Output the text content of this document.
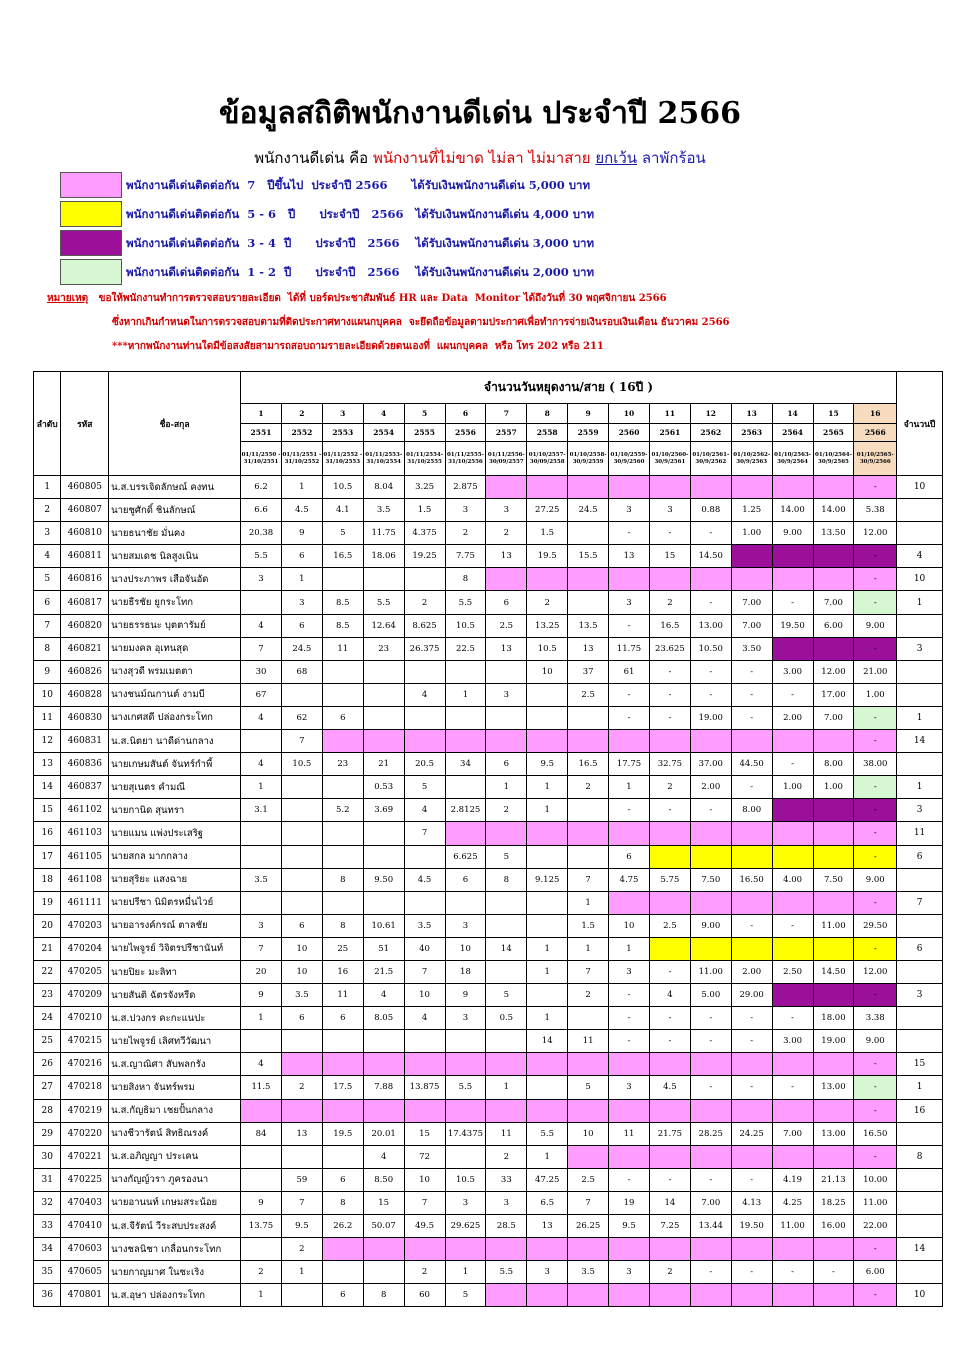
ข้อมูลสถิติพนักงานดีเด่น ประจำปี 2566
พนักงานดีเด่น คือ พนักงานที่ไม่ขาด ไม่ลา ไม่มาสาย ยกเว้น ลาพักร้อน
พนักงานดีเด่นติดต่อกัน  7   ปีขึ้นไป  ประจำปี 2566      ได้รับเงินพนักงานดีเด่น 5,000 บาท
พนักงานดีเด่นติดต่อกัน  5 - 6   ปี      ประจำปี   2566   ได้รับเงินพนักงานดีเด่น 4,000 บาท
พนักงานดีเด่นติดต่อกัน  3 - 4  ปี      ประจำปี   2566    ได้รับเงินพนักงานดีเด่น 3,000 บาท
พนักงานดีเด่นติดต่อกัน  1 - 2  ปี      ประจำปี   2566    ได้รับเงินพนักงานดีเด่น 2,000 บาท
หมายเหตุ   ขอให้พนักงานทำการตรวจสอบรายละเอียด  ได้ที่ บอร์ดประชาสัมพันธ์ HR และ Data  Monitor ได้ถึงวันที่ 30 พฤศจิกายน 2566
ซึ่งหากเกินกำหนดในการตรวจสอบตามที่ติดประกาศทางแผนกบุคคล  จะยึดถือข้อมูลตามประกาศเพื่อทำการจ่ายเงินรอบเงินเดือน ธันวาคม 2566
***หากพนักงานท่านใดมีข้อสงสัยสามารถสอบถามรายละเอียดด้วยตนเองที่  แผนกบุคคล  หรือ โทร 202 หรือ 211
ลำดับ	รหัส	ชื่อ-สกุล	จำนวนวันหยุดงาน/สาย ( 16ปี )																จำนวนปี
			1	2	3	4	5	6	7	8	9	10	11	12	13	14	15	16	
			2551	2552	2553	2554	2555	2556	2557	2558	2559	2560	2561	2562	2563	2564	2565	2566	
			01/11/2550 - 31/10/2551	01/11/2551 - 31/10/2552	01/11/2552 - 31/10/2553	01/11/2553- 31/10/2554	01/11/2554- 31/10/2555	01/11/2555- 31/10/2556	01/11/2556- 30/09/2557	01/10/2557- 30/09/2558	01/10/2558- 30/9/2559	01/10/2559- 30/9/2560	01/10/2560- 30/9/2561	01/10/2561- 30/9/2562	01/10/2562- 30/9/2563	01/10/2563- 30/9/2564	01/10/2564- 30/9/2565	01/10/2565- 30/9/2566	
1	460805	น.ส.บรรเจิดลักษณ์ คงทน	6.2	1	10.5	8.04	3.25	2.875										-	10
2	460807	นายชูศักดิ์ ชินลักษณ์	6.6	4.5	4.1	3.5	1.5	3	3	27.25	24.5	3	3	0.88	1.25	14.00	14.00	5.38	
3	460810	นายธนาชัย มั่นคง	20.38	9	5	11.75	4.375	2	2	1.5		-	-	-	1.00	9.00	13.50	12.00	
4	460811	นายสมเดช นิลสูงเนิน	5.5	6	16.5	18.06	19.25	7.75	13	19.5	15.5	13	15	14.50				-	4
5	460816	นางประภาพร เสือจันอัด	3	1				8										-	10
6	460817	นายธีรชัย ยูกระโทก		3	8.5	5.5	2	5.5	6	2		3	2	-	7.00	-	7.00	-	1
7	460820	นายธรรธนะ บุตตารัมย์	4	6	8.5	12.64	8.625	10.5	2.5	13.25	13.5	-	16.5	13.00	7.00	19.50	6.00	9.00	
8	460821	นายมงคล อุเทนสุด	7	24.5	11	23	26.375	22.5	13	10.5	13	11.75	23.625	10.50	3.50			-	3
9	460826	นางสุวดี พรมเมตตา	30	68						10	37	61	-	-	-	3.00	12.00	21.00	
10	460828	นางชนม์ณกานต์ งามบี	67				4	1	3		2.5	-	-	-	-	-	17.00	1.00	
11	460830	นางเกศสดี ปล่องกระโทก	4	62	6							-	-	19.00	-	2.00	7.00	-	1
12	460831	น.ส.นิตยา นาดีด่านกลาง		7														-	14
13	460836	นายเกษมสันต์ จันทร์กำพี้	4	10.5	23	21	20.5	34	6	9.5	16.5	17.75	32.75	37.00	44.50	-	8.00	38.00	
14	460837	นายสุเนตร คำมณี	1			0.53	5		1	1	2	1	2	2.00	-	1.00	1.00	-	1
15	461102	นายกานิด สุนทรา	3.1		5.2	3.69	4	2.8125	2	1		-	-	-	8.00			-	3
16	461103	นายแมน แพ่งประเสริฐ					7											-	11
17	461105	นายสกล มากกลาง						6.625	5			6						-	6
18	461108	นายสุริยะ แสงฉาย	3.5		8	9.50	4.5	6	8	9.125	7	4.75	5.75	7.50	16.50	4.00	7.50	9.00	
19	461111	นายปรีชา นิมิตรหมื่นไวย์									1							-	7
20	470203	นายอารงค์กรณ์ ตาลชัย	3	6	8	10.61	3.5	3			1.5	10	2.5	9.00	-	-	11.00	29.50	
21	470204	นายไพจูรย์ วิจิตรปรีชานันท์	7	10	25	51	40	10	14	1	1	1						-	6
22	470205	นายปิยะ มะลิทา	20	10	16	21.5	7	18		1	7	3	-	11.00	2.00	2.50	14.50	12.00	
23	470209	นายสันติ ฉัตรจังหรีด	9	3.5	11	4	10	9	5		2	-	4	5.00	29.00			-	3
24	470210	น.ส.ปวงกร คะกะแนปะ	1	6	6	8.05	4	3	0.5	1		-	-	-	-	-	18.00	3.38	
25	470215	นายไพจูรย์ เลิศทวีวัฒนา								14	11	-	-	-	-	3.00	19.00	9.00	
26	470216	น.ส.ญาณิศา สับพลกรัง	4															-	15
27	470218	นายสิงหา จันทร์พรม	11.5	2	17.5	7.88	13.875	5.5	1		5	3	4.5	-	-	-	13.00	-	1
28	470219	น.ส.กัญธิมา เชยปั้นกลาง																-	16
29	470220	นางชีวารัตน์ สิทธิณรงค์	84	13	19.5	20.01	15	17.4375	11	5.5	10	11	21.75	28.25	24.25	7.00	13.00	16.50	
30	470221	น.ส.อภิญญา ประเคน				4	72		2	1								-	8
31	470225	นางกัญญ์วรา ภูครองนา		59	6	8.50	10	10.5	33	47.25	2.5	-	-	-	-	4.19	21.13	10.00	
32	470403	นายอานนท์ เกษมสระน้อย	9	7	8	15	7	3	3	6.5	7	19	14	7.00	4.13	4.25	18.25	11.00	
33	470410	น.ส.จีรัตน์ วีระสบประสงค์	13.75	9.5	26.2	50.07	49.5	29.625	28.5	13	26.25	9.5	7.25	13.44	19.50	11.00	16.00	22.00	
34	470603	นางชลนิชา เกลื่อนกระโทก		2														-	14
35	470605	นายกาญมาศ ในชะเริง	2	1			2	1	5.5	3	3.5	3	2	-	-	-	-	6.00	
36	470801	น.ส.อุษา ปล่องกระโทก	1		6	8	60	5										-	10
